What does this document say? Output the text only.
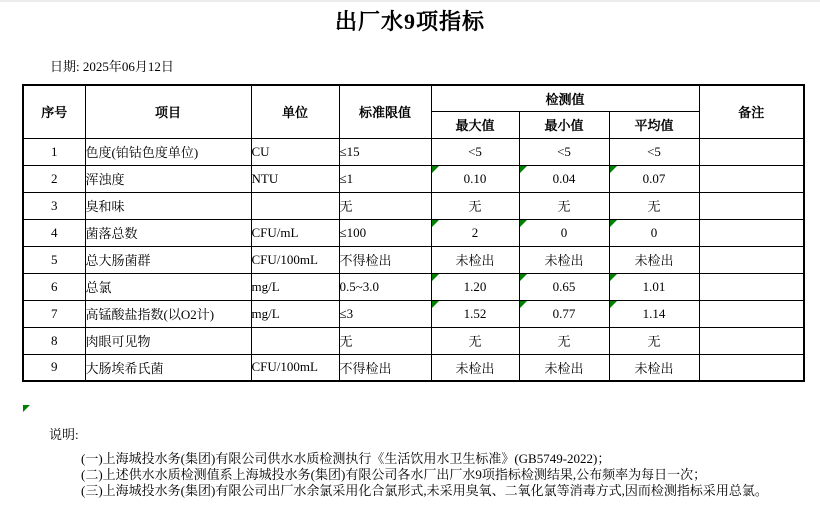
出厂水9项指标
日期: 2025年06月12日
序号	项目	单位	标准限值	检测值			备注
				最大值	最小值	平均值	
1	色度(铂钴色度单位)	CU	≤15	<5	<5	<5	
2	浑浊度	NTU	≤1	0.10	0.04	0.07	
3	臭和味		无	无	无	无	
4	菌落总数	CFU/mL	≤100	2	0	0	
5	总大肠菌群	CFU/100mL	不得检出	未检出	未检出	未检出	
6	总氯	mg/L	0.5~3.0	1.20	0.65	1.01	
7	高锰酸盐指数(以O2计)	mg/L	≤3	1.52	0.77	1.14	
8	肉眼可见物		无	无	无	无	
9	大肠埃希氏菌	CFU/100mL	不得检出	未检出	未检出	未检出	
说明:
(一)上海城投水务(集团)有限公司供水水质检测执行《生活饮用水卫生标准》(GB5749-2022)；
(二)上述供水水质检测值系上海城投水务(集团)有限公司各水厂出厂水9项指标检测结果,公布频率为每日一次；
(三)上海城投水务(集团)有限公司出厂水余氯采用化合氯形式,未采用臭氧、二氧化氯等消毒方式,因而检测指标采用总氯。
